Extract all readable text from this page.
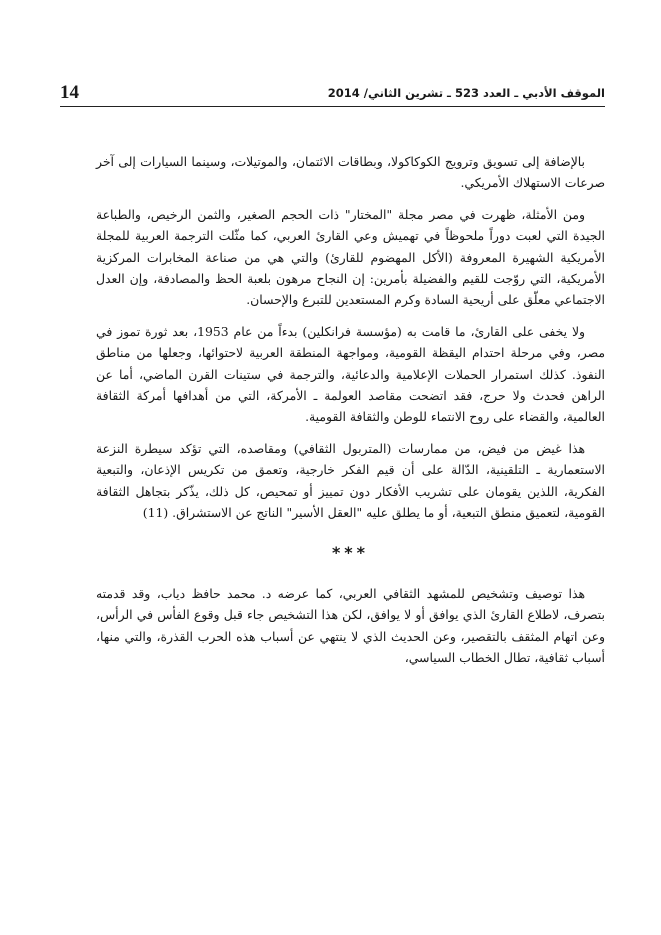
14	الموقف الأدبي ـ العدد 523 ـ تشرين الثاني/ 2014

بالإضافة إلى تسويق وترويج الكوكاكولا، وبطاقات الائتمان، والموتيلات، وسينما السيارات إلى آخر صرعات الاستهلاك الأمريكي.

ومن الأمثلة، ظهرت في مصر مجلة "المختار" ذات الحجم الصغير، والثمن الرخيص، والطباعة الجيدة التي لعبت دوراً ملحوظاً في تهميش وعي القارئ العربي، كما مثّلت الترجمة العربية للمجلة الأمريكية الشهيرة المعروفة (الأكل المهضوم للقارئ) والتي هي من صناعة المخابرات المركزية الأمريكية، التي روّجت للقيم والفضيلة بأمرين: إن النجاح مرهون بلعبة الحظ والمصادفة، وإن العدل الاجتماعي معلّق على أريحية السادة وكرم المستعدين للتبرع والإحسان.

ولا يخفى على القارئ، ما قامت به (مؤسسة فرانكلين) بدءاً من عام 1953، بعد ثورة تموز في مصر، وفي مرحلة احتدام اليقظة القومية، ومواجهة المنطقة العربية لاحتوائها، وجعلها من مناطق النفوذ. كذلك استمرار الحملات الإعلامية والدعائية، والترجمة في ستينات القرن الماضي، أما عن الراهن فحدث ولا حرج، فقد اتضحت مقاصد العولمة ـ الأمركة، التي من أهدافها أمركة الثقافة العالمية، والقضاء على روح الانتماء للوطن والثقافة القومية.

هذا غيض من فيض، من ممارسات (المتربول الثقافي) ومقاصده، التي تؤكد سيطرة النزعة الاستعمارية ـ التلقينية، الدّالة على أن قيم الفكر خارجية، وتعمق من تكريس الإذعان، والتبعية الفكرية، اللذين يقومان على تشريب الأفكار دون تمييز أو تمحيص، كل ذلك، يذّكر بتجاهل الثقافة القومية، لتعميق منطق التبعية، أو ما يطلق عليه "العقل الأسير" الناتج عن الاستشراق. (11)

***

هذا توصيف وتشخيص للمشهد الثقافي العربي، كما عرضه د. محمد حافظ دياب، وقد قدمته بتصرف، لاطلاع القارئ الذي يوافق أو لا يوافق، لكن هذا التشخيص جاء قبل وقوع الفأس في الرأس، وعن اتهام المثقف بالتقصير، وعن الحديث الذي لا ينتهي عن أسباب هذه الحرب القذرة، والتي منها، أسباب ثقافية، تطال الخطاب السياسي،
